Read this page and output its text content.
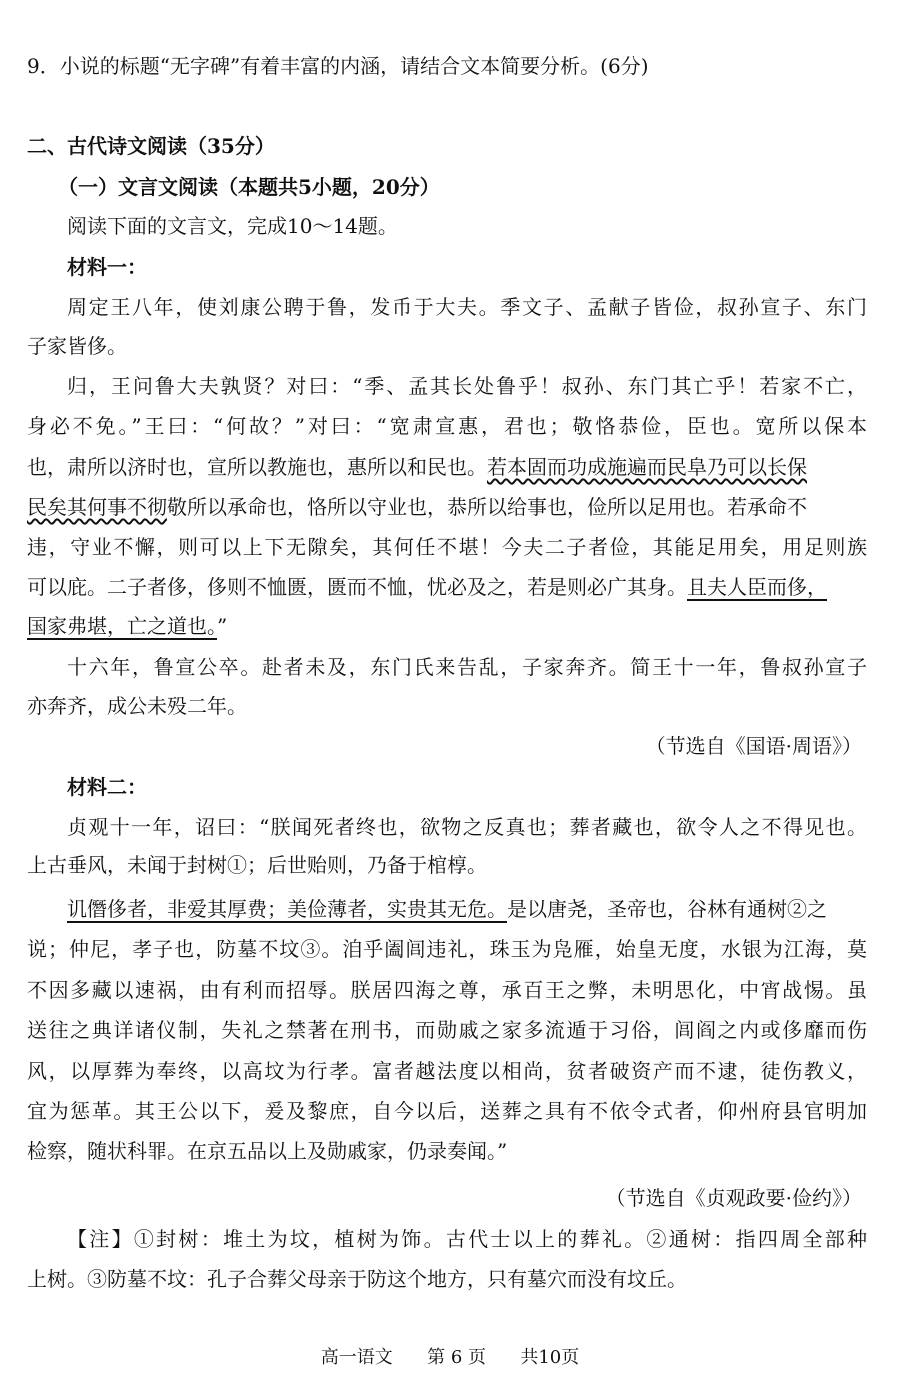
9．小说的标题“无字碑”有着丰富的内涵，请结合文本简要分析。(6分)
二、古代诗文阅读（35分）
（一）文言文阅读（本题共5小题，20分）
阅读下面的文言文，完成10～14题。
材料一：
周定王八年，使刘康公聘于鲁，发币于大夫。季文子、孟献子皆俭，叔孙宣子、东门
子家皆侈。
归，王问鲁大夫孰贤？对曰：“季、孟其长处鲁乎！叔孙、东门其亡乎！若家不亡，
身必不免。”王曰：“何故？”对曰：“宽肃宣惠，君也；敬恪恭俭，臣也。宽所以保本
也，肃所以济时也，宣所以教施也，惠所以和民也。若本固而功成施遍而民阜乃可以长保
民矣其何事不彻敬所以承命也，恪所以守业也，恭所以给事也，俭所以足用也。若承命不
违，守业不懈，则可以上下无隙矣，其何任不堪！今夫二子者俭，其能足用矣，用足则族
可以庇。二子者侈，侈则不恤匮，匮而不恤，忧必及之，若是则必广其身。且夫人臣而侈，
国家弗堪，亡之道也。”
十六年，鲁宣公卒。赴者未及，东门氏来告乱，子家奔齐。简王十一年，鲁叔孙宣子
亦奔齐，成公未殁二年。
（节选自《国语·周语》）
材料二：
贞观十一年，诏曰：“朕闻死者终也，欲物之反真也；葬者藏也，欲令人之不得见也。
上古垂风，未闻于封树①；后世贻则，乃备于棺椁。
讥僭侈者，非爱其厚费；美俭薄者，实贵其无危。是以唐尧，圣帝也，谷林有通树②之
说；仲尼，孝子也，防墓不坟③。洎乎阖闾违礼，珠玉为凫雁，始皇无度，水银为江海，莫
不因多藏以速祸，由有利而招辱。朕居四海之尊，承百王之弊，未明思化，中宵战惕。虽
送往之典详诸仪制，失礼之禁著在刑书，而勋戚之家多流遁于习俗，闾阎之内或侈靡而伤
风，以厚葬为奉终，以高坟为行孝。富者越法度以相尚，贫者破资产而不逮，徒伤教义，
宜为惩革。其王公以下，爰及黎庶，自今以后，送葬之具有不依令式者，仰州府县官明加
检察，随状科罪。在京五品以上及勋戚家，仍录奏闻。”
（节选自《贞观政要·俭约》）
【注】①封树：堆土为坟，植树为饰。古代士以上的葬礼。②通树：指四周全部种
上树。③防墓不坟：孔子合葬父母亲于防这个地方，只有墓穴而没有坟丘。
高一语文 第 6 页 共10页
